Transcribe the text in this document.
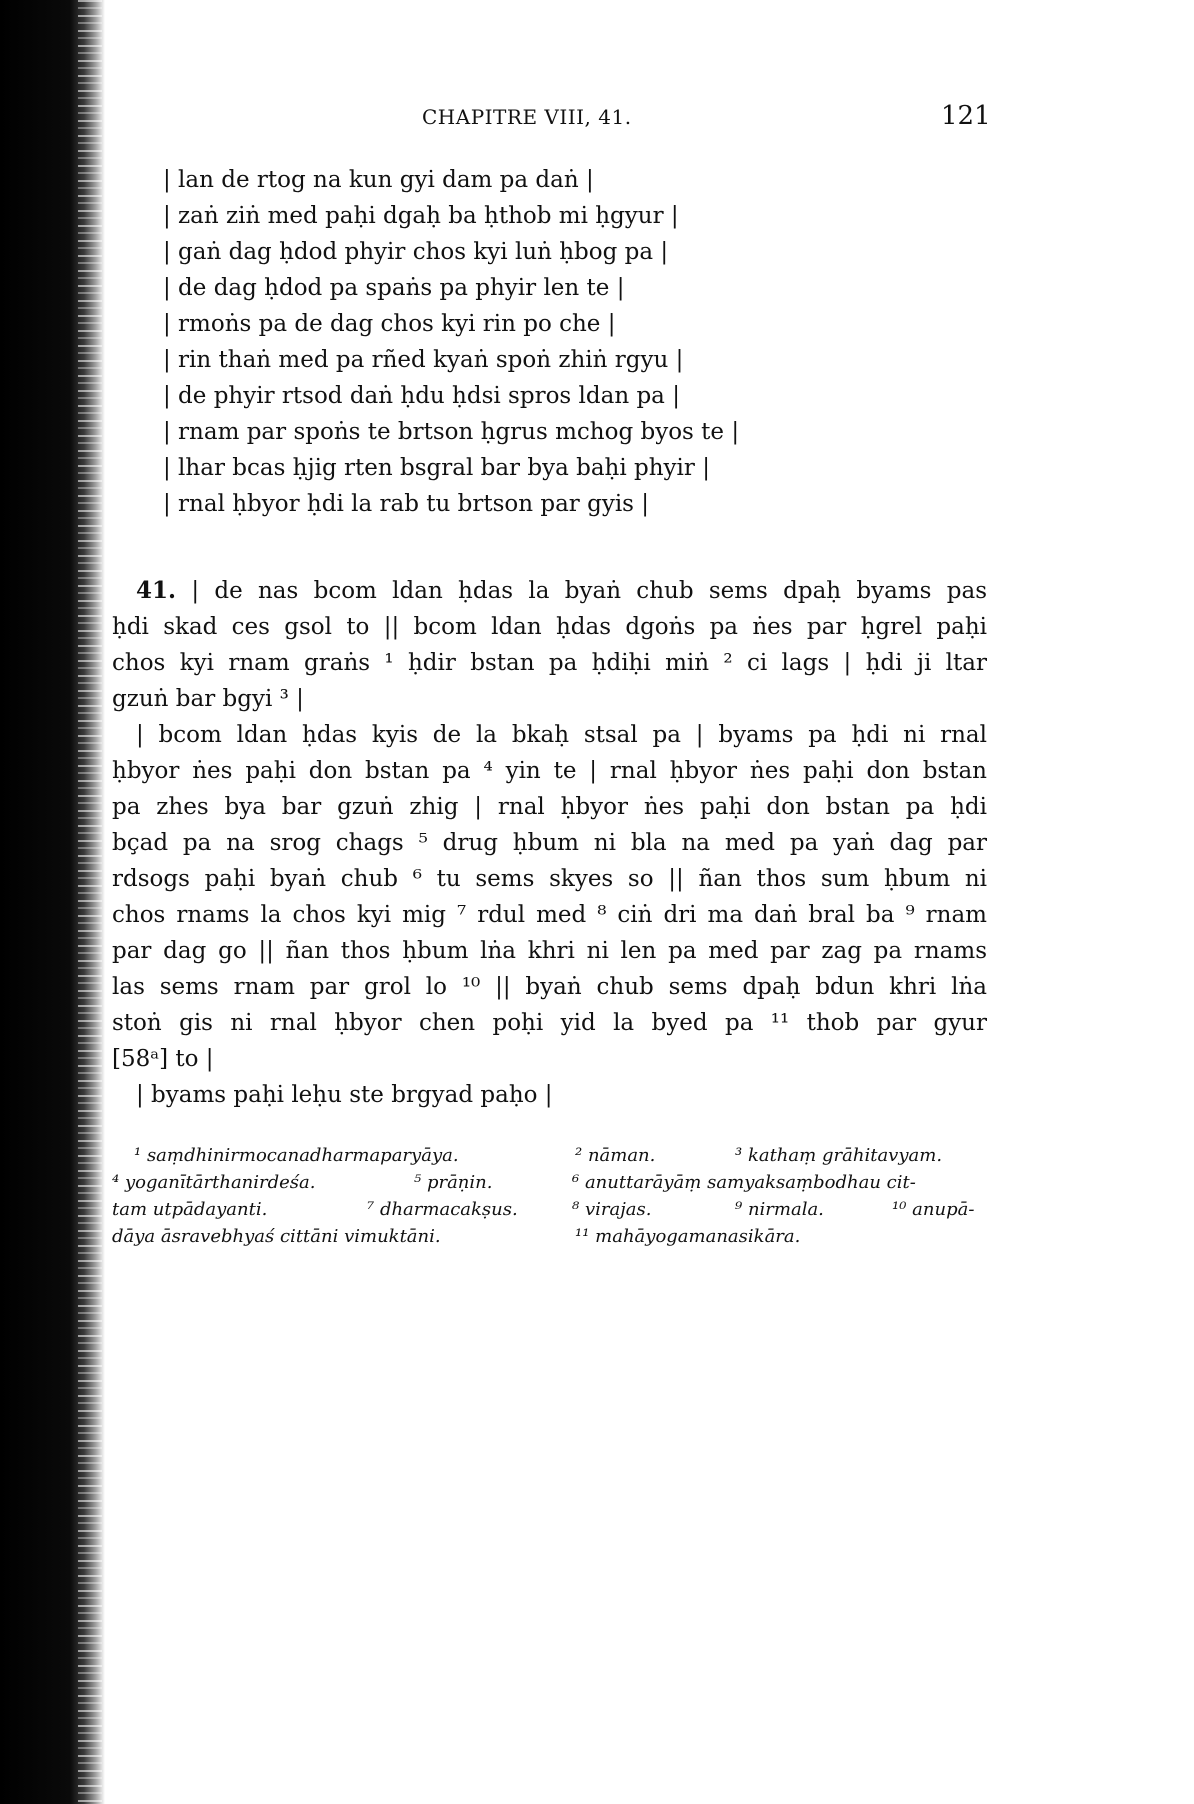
CHAPITRE VIII, 41.	121
| lan de rtog na kun gyi dam pa daṅ |
| zaṅ ziṅ med paḥi dgaḥ ba ḥthob mi ḥgyur |
| gaṅ dag ḥdod phyir chos kyi luṅ ḥbog pa |
| de dag ḥdod pa spaṅs pa phyir len te |
| rmoṅs pa de dag chos kyi rin po che |
| rin thaṅ med pa rñed kyaṅ spoṅ zhiṅ rgyu |
| de phyir rtsod daṅ ḥdu ḥdsi spros ldan pa |
| rnam par spoṅs te brtson ḥgrus mchog byos te |
| lhar bcas ḥjig rten bsgral bar bya baḥi phyir |
| rnal ḥbyor ḥdi la rab tu brtson par gyis |
41. | de nas bcom ldan ḥdas la byaṅ chub sems dpaḥ byams pas
ḥdi skad ces gsol to || bcom ldan ḥdas dgoṅs pa ṅes par ḥgrel paḥi
chos kyi rnam graṅs ¹ ḥdir bstan pa ḥdiḥi miṅ ² ci lags | ḥdi ji ltar
gzuṅ bar bgyi ³ |
| bcom ldan ḥdas kyis de la bkaḥ stsal pa | byams pa ḥdi ni rnal
ḥbyor ṅes paḥi don bstan pa ⁴ yin te | rnal ḥbyor ṅes paḥi don bstan
pa zhes bya bar gzuṅ zhig | rnal ḥbyor ṅes paḥi don bstan pa ḥdi
bçad pa na srog chags ⁵ drug ḥbum ni bla na med pa yaṅ dag par
rdsogs paḥi byaṅ chub ⁶ tu sems skyes so || ñan thos sum ḥbum ni
chos rnams la chos kyi mig ⁷ rdul med ⁸ ciṅ dri ma daṅ bral ba ⁹ rnam
par dag go || ñan thos ḥbum lṅa khri ni len pa med par zag pa rnams
las sems rnam par grol lo ¹⁰ || byaṅ chub sems dpaḥ bdun khri lṅa
stoṅ gis ni rnal ḥbyor chen poḥi yid la byed pa ¹¹ thob par gyur
[58ᵃ] to |
| byams paḥi leḥu ste brgyad paḥo |
¹ saṃdhinirmocanadharmaparyāya.	² nāman.	³ kathaṃ grāhitavyam.
⁴ yoganītārthanirdeśa.	⁵ prāṇin.	⁶ anuttarāyāṃ samyaksaṃbodhau cit-
tam utpādayanti.	⁷ dharmacakṣus.	⁸ virajas.	⁹ nirmala.	¹⁰ anupā-
dāya āsravebhyaś cittāni vimuktāni.	¹¹ mahāyogamanasikāra.
